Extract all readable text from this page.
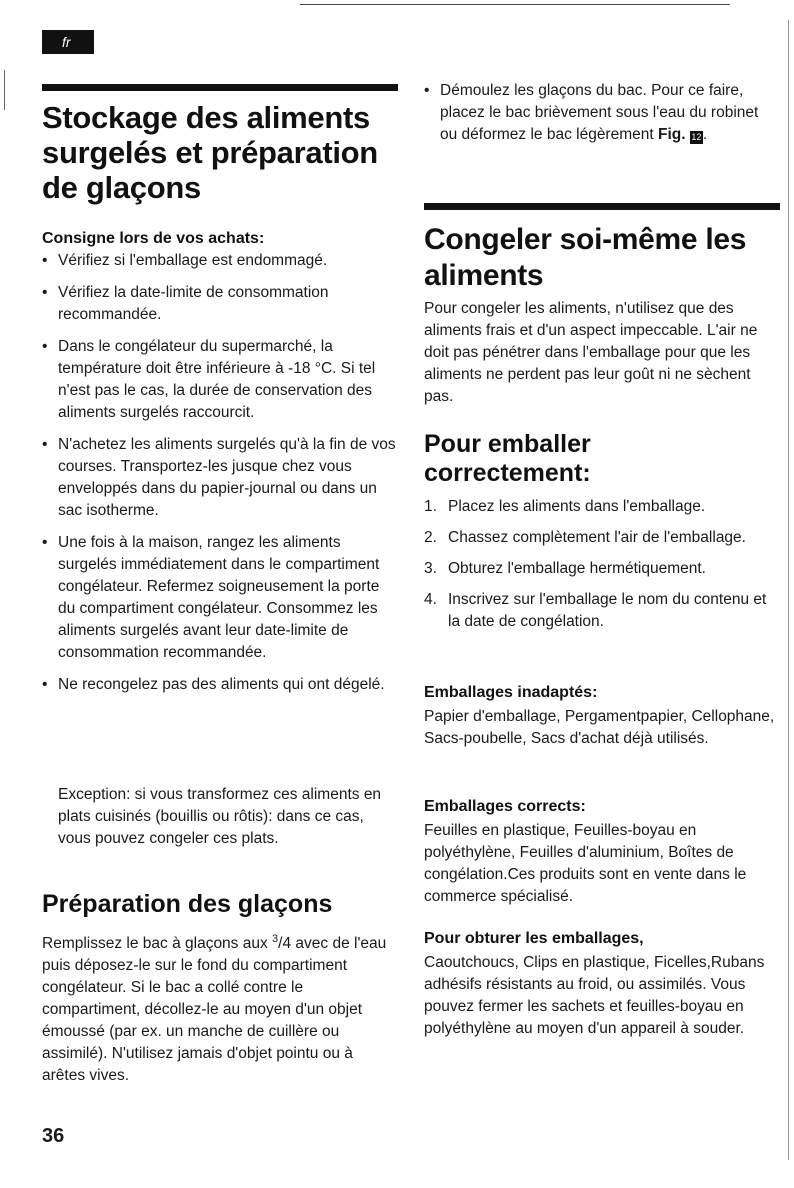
fr
Stockage des aliments surgelés et préparation de glaçons
Consigne lors de vos achats:
• Vérifiez si l'emballage est endommagé.
• Vérifiez la date-limite de consommation recommandée.
• Dans le congélateur du supermarché, la température doit être inférieure à -18 °C. Si tel n'est pas le cas, la durée de conservation des aliments surgelés raccourcit.
• N'achetez les aliments surgelés qu'à la fin de vos courses. Transportez-les jusque chez vous enveloppés dans du papier-journal ou dans un sac isotherme.
• Une fois à la maison, rangez les aliments surgelés immédiatement dans le compartiment congélateur. Refermez soigneusement la porte du compartiment congélateur. Consommez les aliments surgelés avant leur date-limite de consommation recommandée.
• Ne recongelez pas des aliments qui ont dégelé.
Exception: si vous transformez ces aliments en plats cuisinés (bouillis ou rôtis): dans ce cas, vous pouvez congeler ces plats.
Préparation des glaçons

Remplissez le bac à glaçons aux $^3$/4 avec de l'eau puis déposez-le sur le fond du compartiment congélateur. Si le bac a collé contre le compartiment, décollez-le au moyen d'un objet émoussé (par ex. un manche de cuillère ou assimilé). N'utilisez jamais d'objet pointu ou à arêtes vives.

36
• Démoulez les glaçons du bac. Pour ce faire, placez le bac brièvement sous l'eau du robinet ou déformez le bac légèrement Fig. 12.
Congeler soi-même les aliments
Pour congeler les aliments, n'utilisez que des aliments frais et d'un aspect impeccable. L'air ne doit pas pénétrer dans l'emballage pour que les aliments ne perdent pas leur goût ni ne sèchent pas.
Pour emballer correctement:
1. Placez les aliments dans l'emballage.
2. Chassez complètement l'air de l'emballage.
3. Obturez l'emballage hermétiquement.
4. Inscrivez sur l'emballage le nom du contenu et la date de congélation.
Emballages inadaptés:
Papier d'emballage, Pergamentpapier, Cellophane, Sacs-poubelle, Sacs d'achat déjà utilisés.
Emballages corrects:
Feuilles en plastique, Feuilles-boyau en polyéthylène, Feuilles d'aluminium, Boîtes de congélation.Ces produits sont en vente dans le commerce spécialisé.
Pour obturer les emballages,
Caoutchoucs, Clips en plastique, Ficelles,Rubans adhésifs résistants au froid, ou assimilés. Vous pouvez fermer les sachets et feuilles-boyau en polyéthylène au moyen d'un appareil à souder.
